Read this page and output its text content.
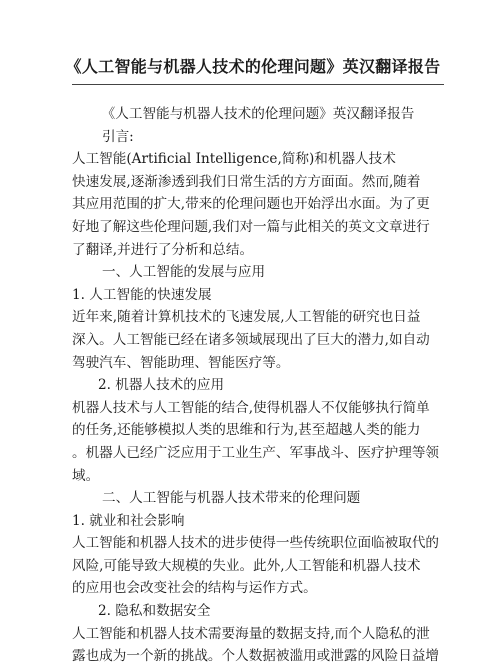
《人工智能与机器人技术的伦理问题》英汉翻译报告
《人工智能与机器人技术的伦理问题》英汉翻译报告
引言:
人工智能(Artificial Intelligence,简称)和机器人技术
快速发展,逐渐渗透到我们日常生活的方方面面。然而,随着
其应用范围的扩大,带来的伦理问题也开始浮出水面。为了更
好地了解这些伦理问题,我们对一篇与此相关的英文文章进行
了翻译,并进行了分析和总结。
一、人工智能的发展与应用
1. 人工智能的快速发展
近年来,随着计算机技术的飞速发展,人工智能的研究也日益
深入。人工智能已经在诸多领域展现出了巨大的潜力,如自动
驾驶汽车、智能助理、智能医疗等。
2. 机器人技术的应用
机器人技术与人工智能的结合,使得机器人不仅能够执行简单
的任务,还能够模拟人类的思维和行为,甚至超越人类的能力
。机器人已经广泛应用于工业生产、军事战斗、医疗护理等领
域。
二、人工智能与机器人技术带来的伦理问题
1. 就业和社会影响
人工智能和机器人技术的进步使得一些传统职位面临被取代的
风险,可能导致大规模的失业。此外,人工智能和机器人技术
的应用也会改变社会的结构与运作方式。
2. 隐私和数据安全
人工智能和机器人技术需要海量的数据支持,而个人隐私的泄
露也成为一个新的挑战。个人数据被滥用或泄露的风险日益增
